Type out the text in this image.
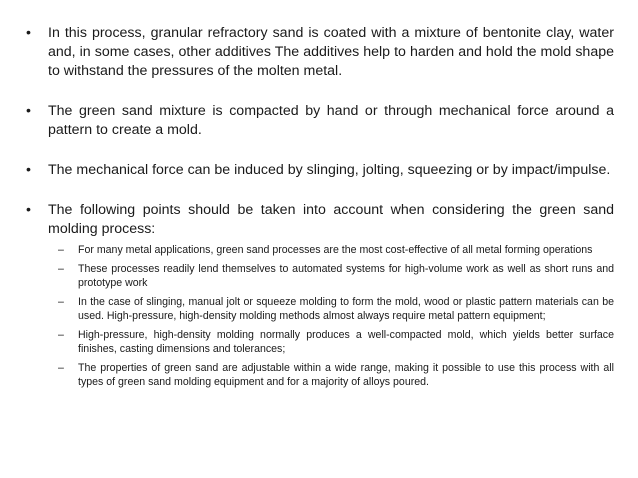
• In this process, granular refractory sand is coated with a mixture of bentonite clay, water and, in some cases, other additives The additives help to harden and hold the mold shape to withstand the pressures of the molten metal.
• The green sand mixture is compacted by hand or through mechanical force around a pattern to create a mold.
• The mechanical force can be induced by slinging, jolting, squeezing or by impact/impulse.
• The following points should be taken into account when considering the green sand molding process:
– For many metal applications, green sand processes are the most cost-effective of all metal forming operations
– These processes readily lend themselves to automated systems for high-volume work as well as short runs and prototype work
– In the case of slinging, manual jolt or squeeze molding to form the mold, wood or plastic pattern materials can be used. High-pressure, high-density molding methods almost always require metal pattern equipment;
– High-pressure, high-density molding normally produces a well-compacted mold, which yields better surface finishes, casting dimensions and tolerances;
– The properties of green sand are adjustable within a wide range, making it possible to use this process with all types of green sand molding equipment and for a majority of alloys poured.
